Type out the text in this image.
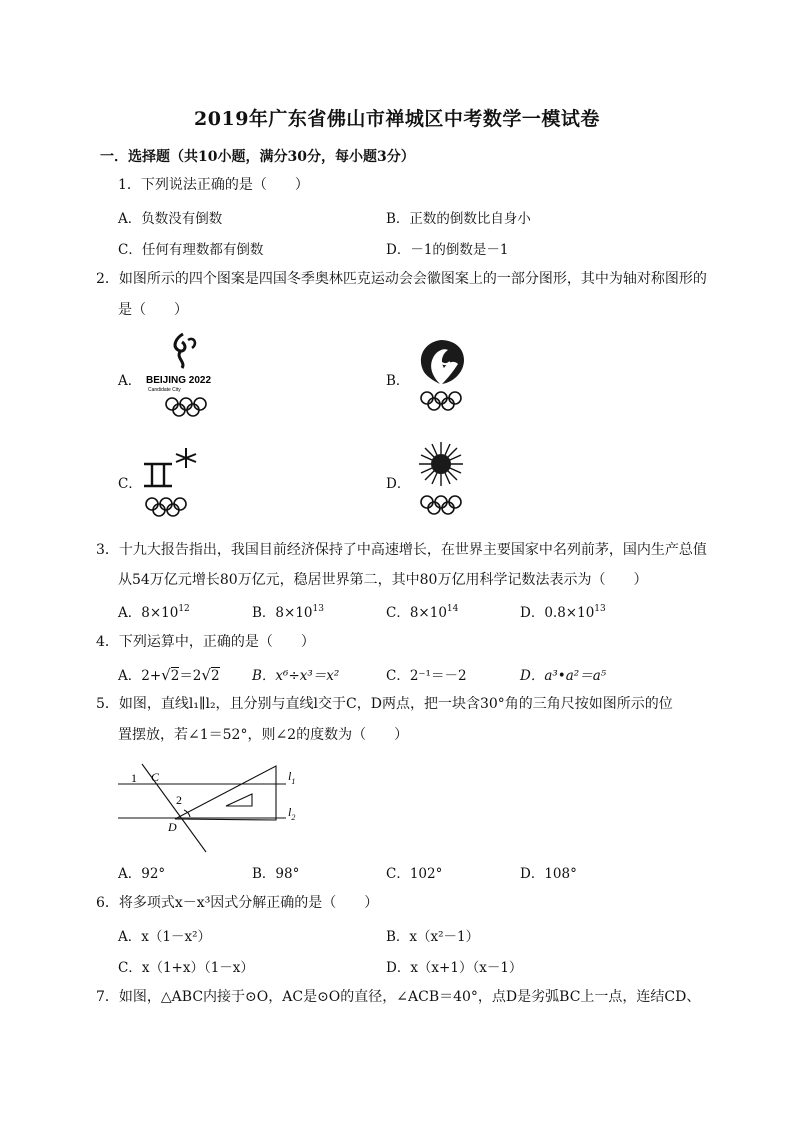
2019年广东省佛山市禅城区中考数学一模试卷
一．选择题（共10小题，满分30分，每小题3分）
1．下列说法正确的是（　　）
A．负数没有倒数	B．正数的倒数比自身小
C．任何有理数都有倒数	D．－1的倒数是－1
2．如图所示的四个图案是四国冬季奥林匹克运动会会徽图案上的一部分图形，其中为轴对称图形的
是（　　）
A． BEIJING 2022
Candidate City
B．
C．	D．
3．十九大报告指出，我国目前经济保持了中高速增长，在世界主要国家中名列前茅，国内生产总值
从54万亿元增长80万亿元，稳居世界第二，其中80万亿用科学记数法表示为（　　）
A．$8\times 10^{12}$	B．$8\times 10^{13}$	C．$8\times 10^{14}$	D．$0.8\times 10^{13}$
4．下列运算中，正确的是（　　）
A．2+√2＝2√2 B．x⁶÷x³＝x²	C．2⁻¹＝－2	D．a³•a²＝a⁵
5．如图，直线l₁∥l₂，且分别与直线l交于C，D两点，把一块含30°角的三角尺按如图所示的位
置摆放，若∠1＝52°，则∠2的度数为（　　）
1 C
2
D
$l_1$
$l_2$
A．92°	B．98°	C．102°	D．108°
6．将多项式x－x³因式分解正确的是（　　）
A．x（1－x²）	B．x（x²－1）
C．x（1+x）（1－x）	D．x（x+1）（x－1）
7．如图，△ABC内接于⊙O，AC是⊙O的直径，∠ACB＝40°，点D是劣弧BC上一点，连结CD、
